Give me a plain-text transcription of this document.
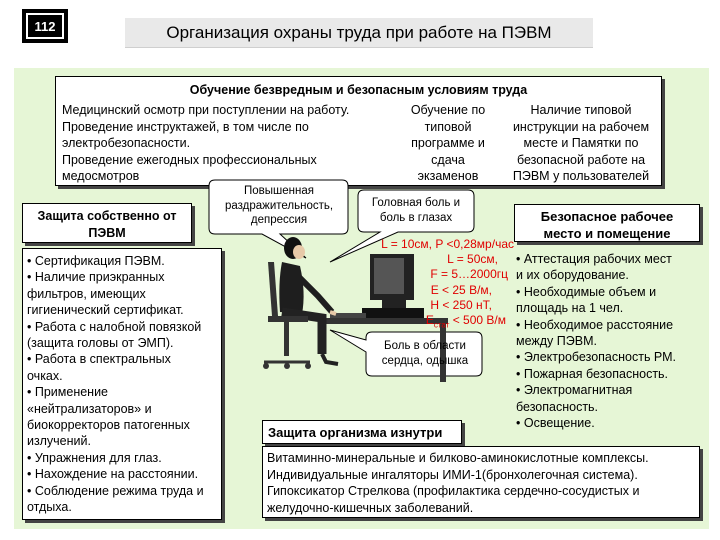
112	Организация охраны труда при работе на ПЭВМ
Обучение безвредным и безопасным условиям труда
Медицинский осмотр при поступлении на работу.
Проведение инструктажей, в том числе по
электробезопасности.
Проведение ежегодных профессиональных
медосмотров
Обучение по
типовой
программе и
сдача
экзаменов
Наличие типовой
инструкции на рабочем
месте и Памятки по
безопасной работе на
ПЭВМ у пользователей
Защита собственно от
ПЭВМ
• Сертификация ПЭВМ.
• Наличие приэкранных
фильтров, имеющих
гигиенический сертификат.
• Работа с налобной повязкой
(защита головы от ЭМП).
• Работа в спектральных
очках.
• Применение
«нейтрализаторов» и
биокорректоров патогенных
излучений.
• Упражнения для глаз.
• Нахождение на расстоянии.
• Соблюдение режима труда и
отдыха.
Повышенная
раздражительность,
депрессия
Головная боль и
боль в глазах
Боль в области
сердца, одышка
L = 10см, P <0,28мр/час
L = 50см,
F = 5…2000гц
E < 25 В/м,
H < 250 нТ,
$E_{стат} < 500$ В/м
Безопасное рабочее
место и помещение
• Аттестация рабочих мест
и их оборудование.
• Необходимые объем и
площадь на 1 чел.
• Необходимое расстояние
между ПЭВМ.
• Электробезопасность РМ.
• Пожарная безопасность.
• Электромагнитная
безопасность.
• Освещение.
Защита организма изнутри
Витаминно-минеральные и билково-аминокислотные комплексы.
Индивидуальные ингаляторы ИМИ-1(бронхолегочная система).
Гипоксикатор Стрелкова (профилактика сердечно-сосудистых и
желудочно-кишечных заболеваний.
